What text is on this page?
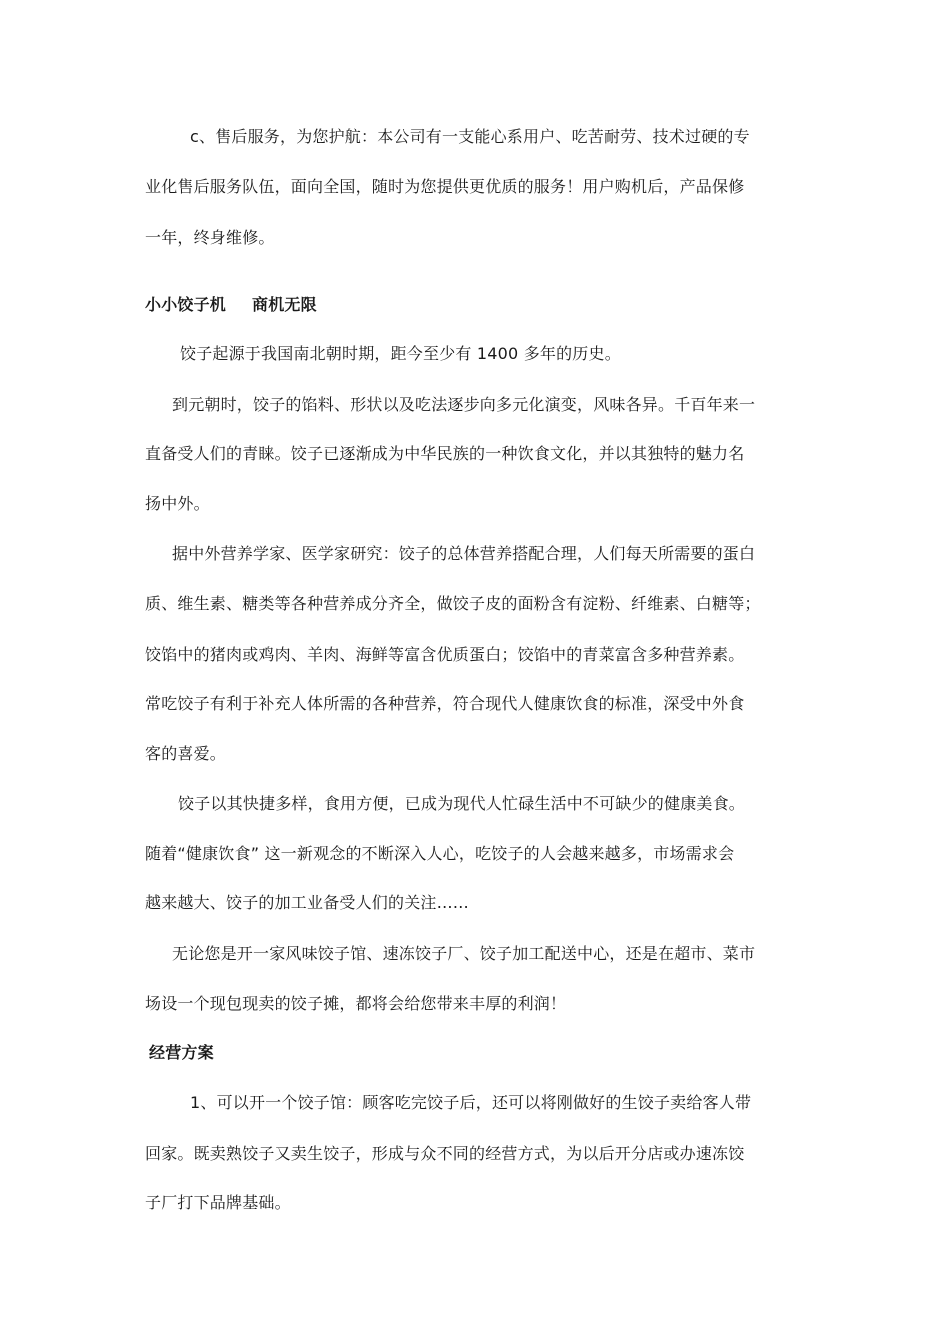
c、售后服务，为您护航：本公司有一支能心系用户、吃苦耐劳、技术过硬的专
业化售后服务队伍，面向全国，随时为您提供更优质的服务！用户购机后，产品保修
一年，终身维修。
小小饺子机 商机无限
饺子起源于我国南北朝时期，距今至少有 1400 多年的历史。
到元朝时，饺子的馅料、形状以及吃法逐步向多元化演变，风味各异。千百年来一
直备受人们的青睐。饺子已逐渐成为中华民族的一种饮食文化，并以其独特的魅力名
扬中外。
据中外营养学家、医学家研究：饺子的总体营养搭配合理，人们每天所需要的蛋白
质、维生素、糖类等各种营养成分齐全，做饺子皮的面粉含有淀粉、纤维素、白糖等；
饺馅中的猪肉或鸡肉、羊肉、海鲜等富含优质蛋白；饺馅中的青菜富含多种营养素。
常吃饺子有利于补充人体所需的各种营养，符合现代人健康饮食的标准，深受中外食
客的喜爱。
饺子以其快捷多样，食用方便，已成为现代人忙碌生活中不可缺少的健康美食。
随着“健康饮食” 这一新观念的不断深入人心，吃饺子的人会越来越多，市场需求会
越来越大、饺子的加工业备受人们的关注……
无论您是开一家风味饺子馆、速冻饺子厂、饺子加工配送中心，还是在超市、菜市
场设一个现包现卖的饺子摊，都将会给您带来丰厚的利润！
经营方案
1、可以开一个饺子馆：顾客吃完饺子后，还可以将刚做好的生饺子卖给客人带
回家。既卖熟饺子又卖生饺子，形成与众不同的经营方式，为以后开分店或办速冻饺
子厂打下品牌基础。
